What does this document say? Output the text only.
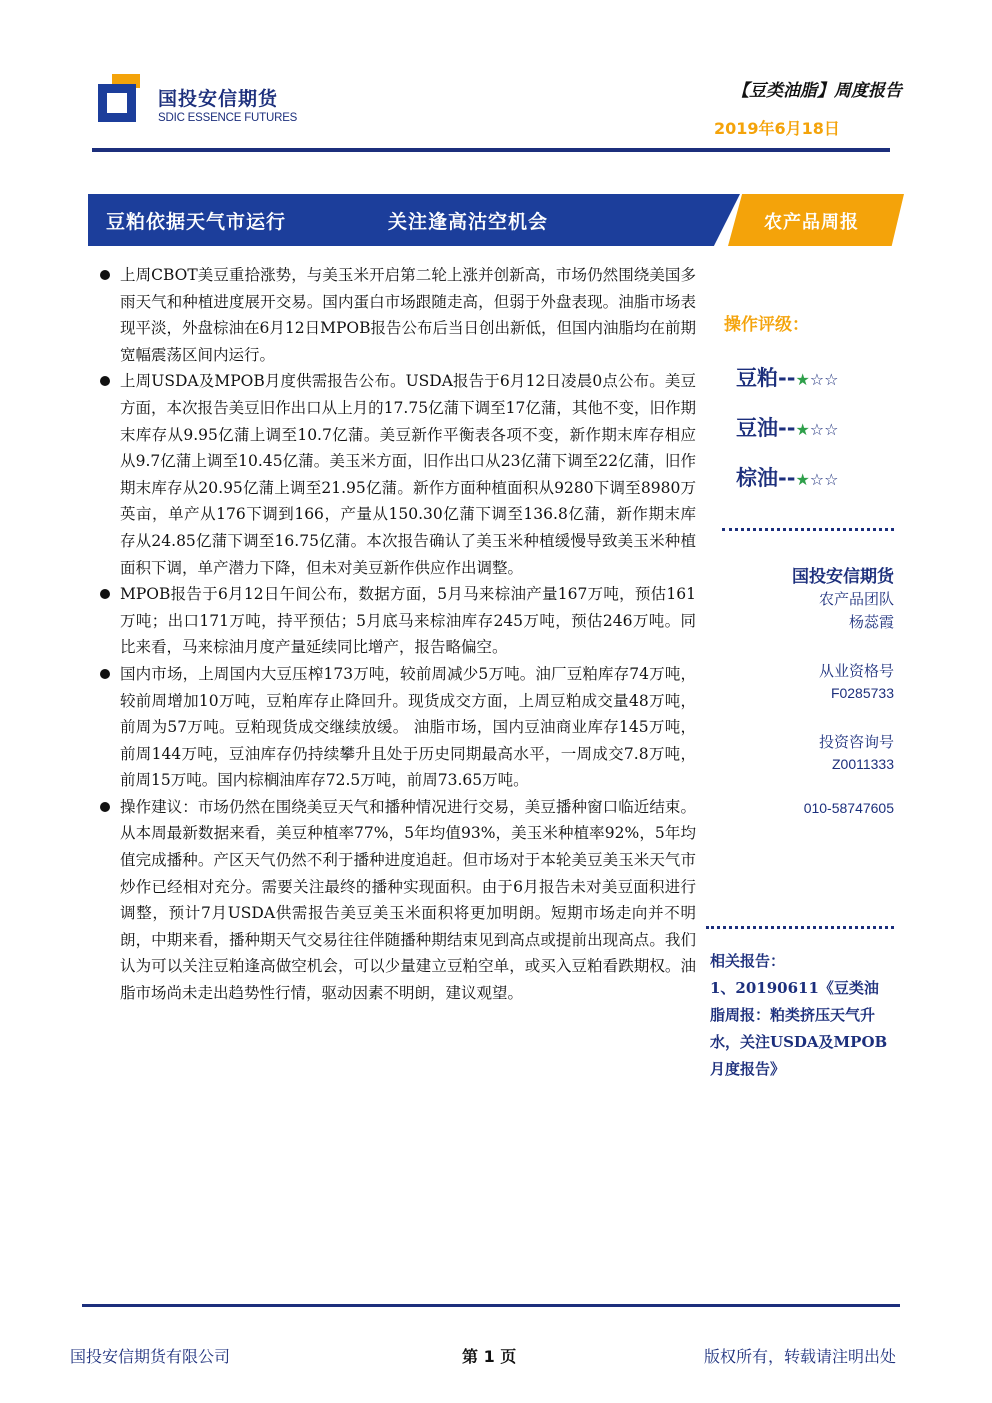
国投安信期货
SDIC ESSENCE FUTURES
【豆类油脂】周度报告
2019年6月18日
豆粕依据天气市运行	关注逢高沽空机会	农产品周报
上周CBOT美豆重拾涨势，与美玉米开启第二轮上涨并创新高，市场仍然围绕美国多雨天气和种植进度展开交易。国内蛋白市场跟随走高，但弱于外盘表现。油脂市场表现平淡，外盘棕油在6月12日MPOB报告公布后当日创出新低，但国内油脂均在前期宽幅震荡区间内运行。
上周USDA及MPOB月度供需报告公布。USDA报告于6月12日凌晨0点公布。美豆方面，本次报告美豆旧作出口从上月的17.75亿蒲下调至17亿蒲，其他不变，旧作期末库存从9.95亿蒲上调至10.7亿蒲。美豆新作平衡表各项不变，新作期末库存相应从9.7亿蒲上调至10.45亿蒲。美玉米方面，旧作出口从23亿蒲下调至22亿蒲，旧作期末库存从20.95亿蒲上调至21.95亿蒲。新作方面种植面积从9280下调至8980万英亩，单产从176下调到166，产量从150.30亿蒲下调至136.8亿蒲，新作期末库存从24.85亿蒲下调至16.75亿蒲。本次报告确认了美玉米种植缓慢导致美玉米种植面积下调，单产潜力下降，但未对美豆新作供应作出调整。
MPOB报告于6月12日午间公布，数据方面，5月马来棕油产量167万吨，预估161万吨；出口171万吨，持平预估；5月底马来棕油库存245万吨，预估246万吨。同比来看，马来棕油月度产量延续同比增产，报告略偏空。
国内市场，上周国内大豆压榨173万吨，较前周减少5万吨。油厂豆粕库存74万吨，较前周增加10万吨，豆粕库存止降回升。现货成交方面，上周豆粕成交量48万吨，前周为57万吨。豆粕现货成交继续放缓。 油脂市场，国内豆油商业库存145万吨，前周144万吨，豆油库存仍持续攀升且处于历史同期最高水平，一周成交7.8万吨，前周15万吨。国内棕榈油库存72.5万吨，前周73.65万吨。
操作建议：市场仍然在围绕美豆天气和播种情况进行交易，美豆播种窗口临近结束。从本周最新数据来看，美豆种植率77%，5年均值93%，美玉米种植率92%，5年均值完成播种。产区天气仍然不利于播种进度追赶。但市场对于本轮美豆美玉米天气市炒作已经相对充分。需要关注最终的播种实现面积。由于6月报告未对美豆面积进行调整，预计7月USDA供需报告美豆美玉米面积将更加明朗。短期市场走向并不明朗，中期来看，播种期天气交易往往伴随播种期结束见到高点或提前出现高点。我们认为可以关注豆粕逢高做空机会，可以少量建立豆粕空单，或买入豆粕看跌期权。油脂市场尚未走出趋势性行情，驱动因素不明朗，建议观望。
操作评级：
豆粕--★☆☆
豆油--★☆☆
棕油--★☆☆
国投安信期货
农产品团队
杨蕊霞
从业资格号
F0285733
投资咨询号
Z0011333
010-58747605
相关报告：
1、20190611《豆类油脂周报：粕类挤压天气升水，关注USDA及MPOB月度报告》
国投安信期货有限公司	第 1 页	版权所有，转载请注明出处
